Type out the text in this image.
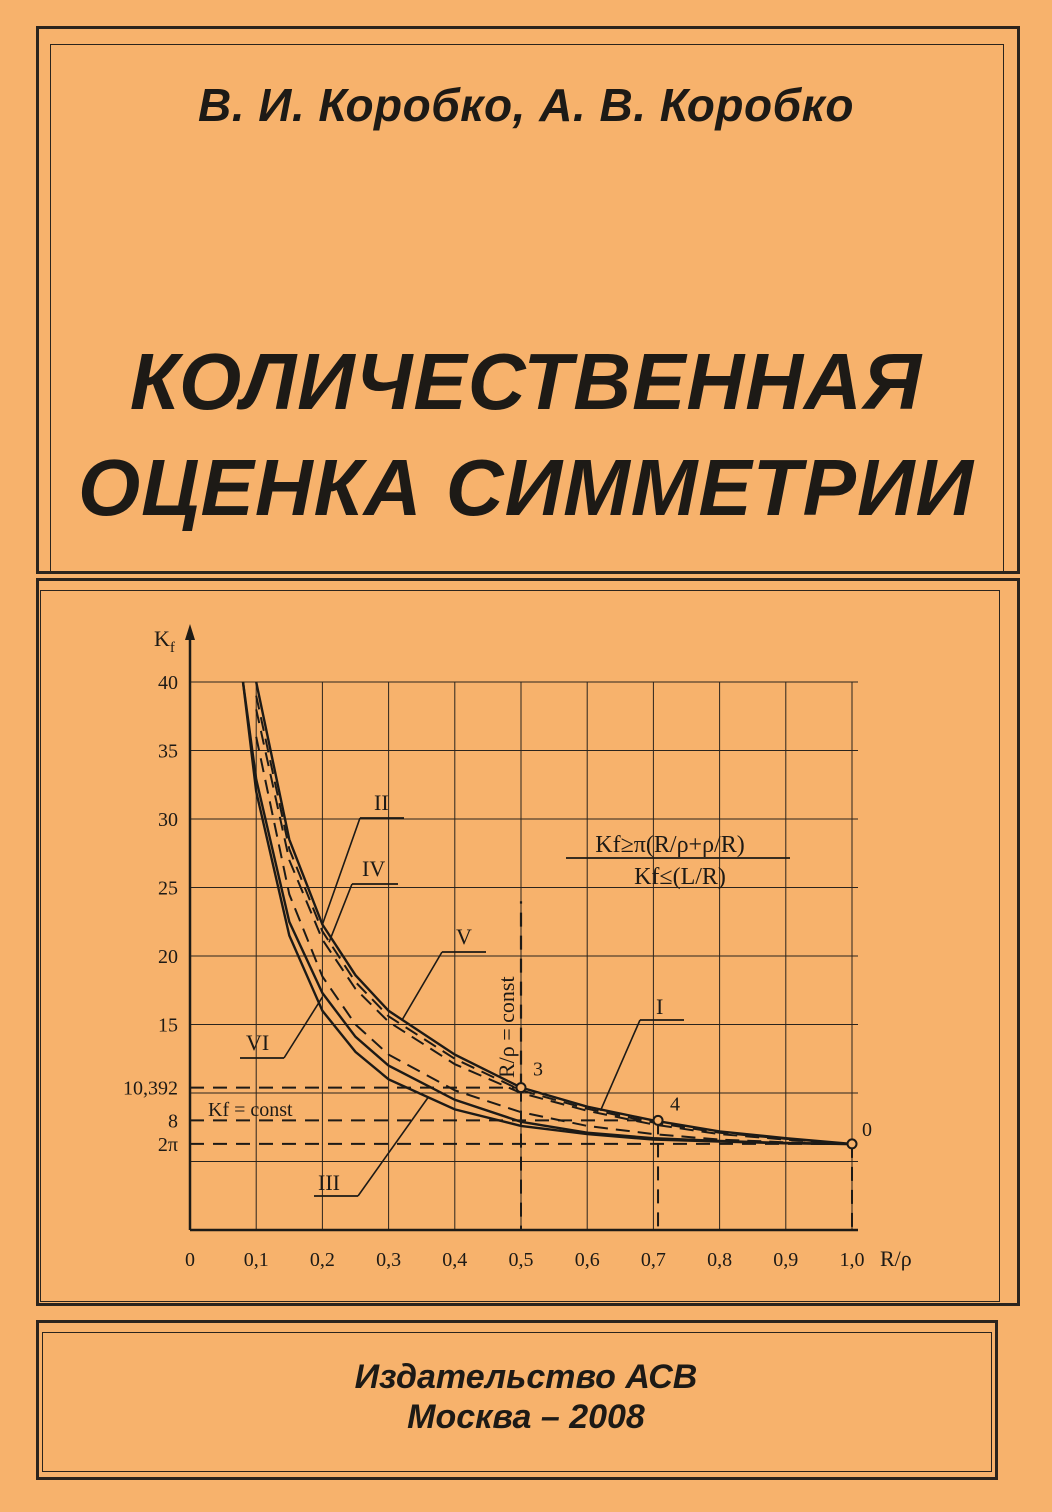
В. И. Коробко, А. В. Коробко
КОЛИЧЕСТВЕННАЯ
ОЦЕНКА СИММЕТРИИ
0 0,1 0,2 0,3 0,4 0,5 0,6 0,7 0,8 0,9 1,0
40
35
30
25
20
15
10,392
8
2π
I
II
III
IV
V
VI
3
4
0
$K_f$
R/ρ
Kf≥π(R/ρ+ρ/R)
Kf≤(L/R)
R/ρ = const
Kf = const
Издательство АСВ
Москва – 2008
